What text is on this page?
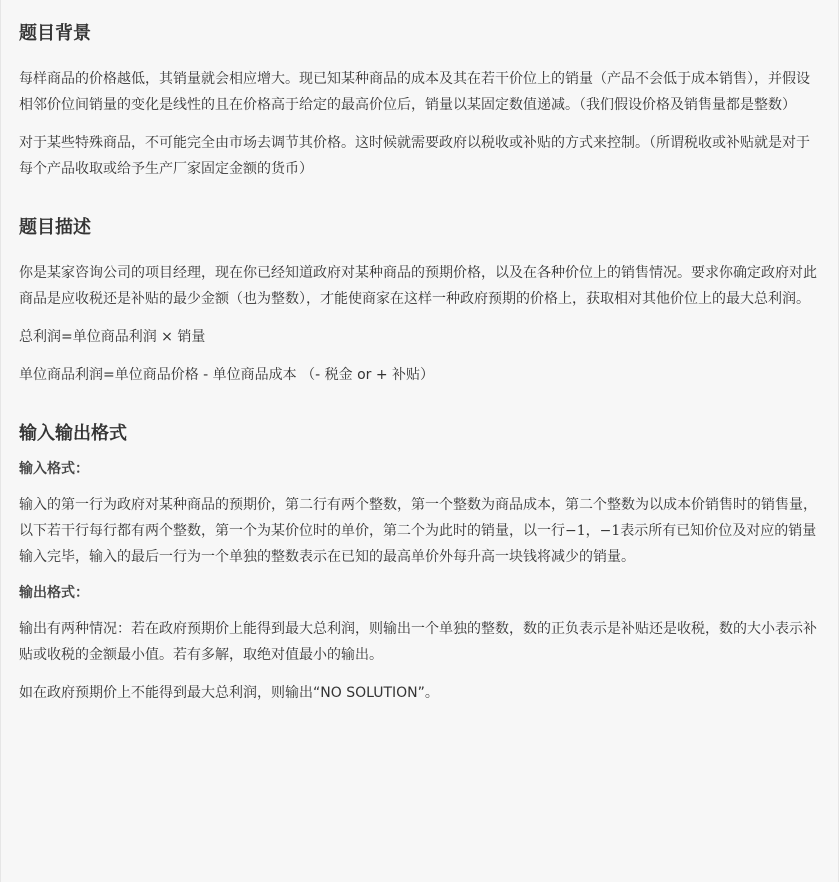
题目背景

每样商品的价格越低，其销量就会相应增大。现已知某种商品的成本及其在若干价位上的销量（产品不会低于成本销售），并假设相邻价位间销量的变化是线性的且在价格高于给定的最高价位后，销量以某固定数值递减。（我们假设价格及销售量都是整数）

对于某些特殊商品，不可能完全由市场去调节其价格。这时候就需要政府以税收或补贴的方式来控制。（所谓税收或补贴就是对于每个产品收取或给予生产厂家固定金额的货币）

题目描述

你是某家咨询公司的项目经理，现在你已经知道政府对某种商品的预期价格，以及在各种价位上的销售情况。要求你确定政府对此商品是应收税还是补贴的最少金额（也为整数），才能使商家在这样一种政府预期的价格上，获取相对其他价位上的最大总利润。

总利润=单位商品利润 × 销量

单位商品利润=单位商品价格 - 单位商品成本 （- 税金 or + 补贴）

输入输出格式
输入格式：

输入的第一行为政府对某种商品的预期价，第二行有两个整数，第一个整数为商品成本，第二个整数为以成本价销售时的销售量，以下若干行每行都有两个整数，第一个为某价位时的单价，第二个为此时的销量，以一行−1，−1表示所有已知价位及对应的销量输入完毕，输入的最后一行为一个单独的整数表示在已知的最高单价外每升高一块钱将减少的销量。

输出格式：

输出有两种情况：若在政府预期价上能得到最大总利润，则输出一个单独的整数，数的正负表示是补贴还是收税，数的大小表示补贴或收税的金额最小值。若有多解，取绝对值最小的输出。

如在政府预期价上不能得到最大总利润，则输出“NO SOLUTION”。
